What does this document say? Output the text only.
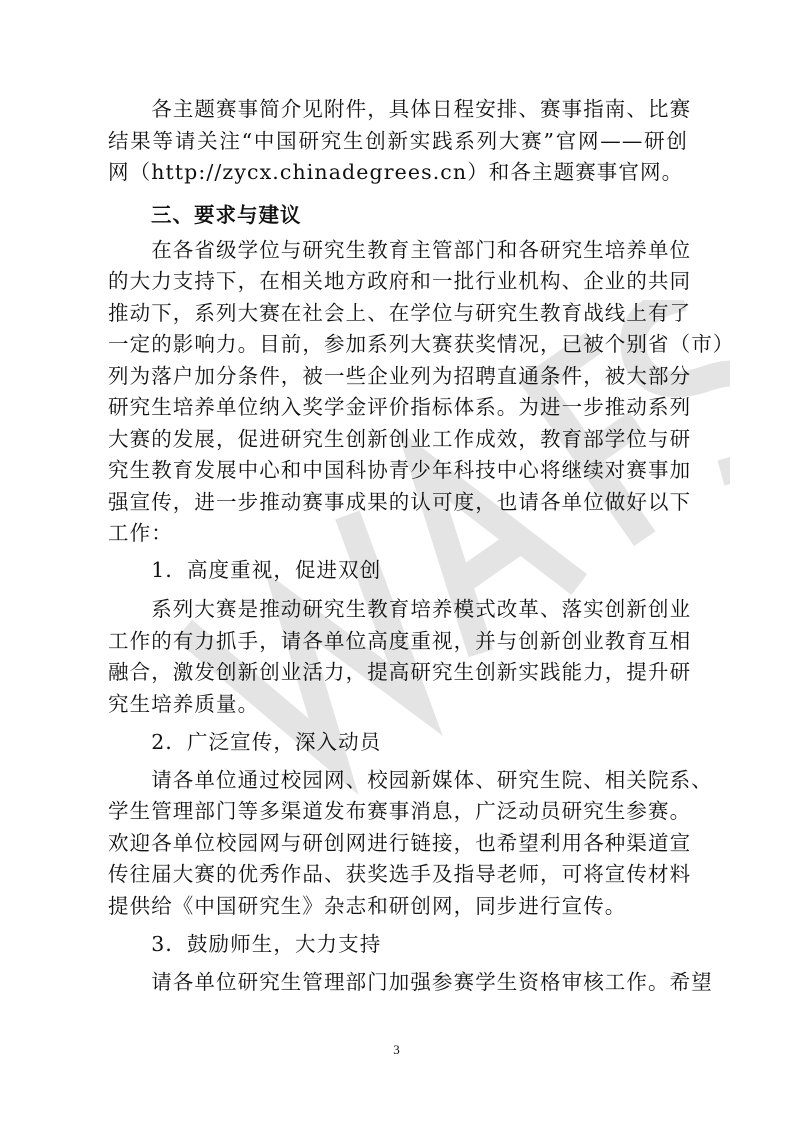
　　各主题赛事简介见附件，具体日程安排、赛事指南、比赛
结果等请关注“中国研究生创新实践系列大赛”官网——研创
网（http://zycx.chinadegrees.cn）和各主题赛事官网。
　　三、要求与建议
　　在各省级学位与研究生教育主管部门和各研究生培养单位
的大力支持下，在相关地方政府和一批行业机构、企业的共同
推动下，系列大赛在社会上、在学位与研究生教育战线上有了
一定的影响力。目前，参加系列大赛获奖情况，已被个别省（市）
列为落户加分条件，被一些企业列为招聘直通条件，被大部分
研究生培养单位纳入奖学金评价指标体系。为进一步推动系列
大赛的发展，促进研究生创新创业工作成效，教育部学位与研
究生教育发展中心和中国科协青少年科技中心将继续对赛事加
强宣传，进一步推动赛事成果的认可度，也请各单位做好以下
工作：
　　1．高度重视，促进双创
　　系列大赛是推动研究生教育培养模式改革、落实创新创业
工作的有力抓手，请各单位高度重视，并与创新创业教育互相
融合，激发创新创业活力，提高研究生创新实践能力，提升研
究生培养质量。
　　2．广泛宣传，深入动员
　　请各单位通过校园网、校园新媒体、研究生院、相关院系、
学生管理部门等多渠道发布赛事消息，广泛动员研究生参赛。
欢迎各单位校园网与研创网进行链接，也希望利用各种渠道宣
传往届大赛的优秀作品、获奖选手及指导老师，可将宣传材料
提供给《中国研究生》杂志和研创网，同步进行宣传。
　　3．鼓励师生，大力支持
　　请各单位研究生管理部门加强参赛学生资格审核工作。希望
3
